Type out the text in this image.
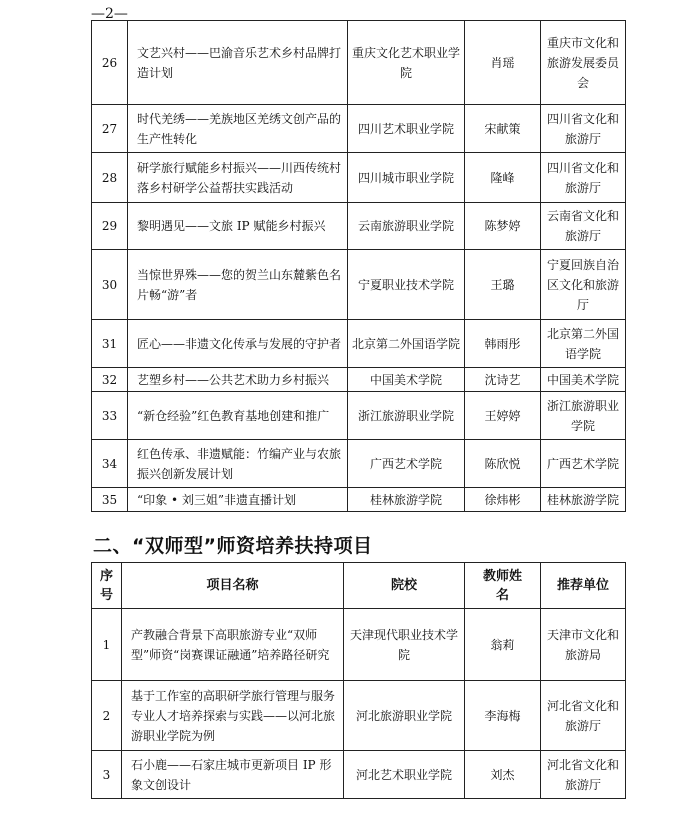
—2—
26	文艺兴村——巴渝音乐艺术乡村品牌打造计划	重庆文化艺术职业学院	肖瑶	重庆市文化和旅游发展委员会
27	时代羌绣——羌族地区羌绣文创产品的生产性转化	四川艺术职业学院	宋献策	四川省文化和旅游厅
28	研学旅行赋能乡村振兴——川西传统村落乡村研学公益帮扶实践活动	四川城市职业学院	隆峰	四川省文化和旅游厅
29	黎明遇见——文旅 IP 赋能乡村振兴	云南旅游职业学院	陈梦婷	云南省文化和旅游厅
30	当惊世界殊——您的贺兰山东麓紫色名片畅“游”者	宁夏职业技术学院	王璐	宁夏回族自治区文化和旅游厅
31	匠心——非遗文化传承与发展的守护者	北京第二外国语学院	韩雨彤	北京第二外国语学院
32	艺塑乡村——公共艺术助力乡村振兴	中国美术学院	沈诗艺	中国美术学院
33	“新仓经验”红色教育基地创建和推广	浙江旅游职业学院	王婷婷	浙江旅游职业学院
34	红色传承、非遗赋能：竹编产业与农旅振兴创新发展计划	广西艺术学院	陈欣悦	广西艺术学院
35	“印象 • 刘三姐”非遗直播计划	桂林旅游学院	徐炜彬	桂林旅游学院
二、“双师型”师资培养扶持项目
序号	项目名称	院校	教师姓名	推荐单位
1	产教融合背景下高职旅游专业“双师型”师资“岗赛课证融通”培养路径研究	天津现代职业技术学院	翁莉	天津市文化和旅游局
2	基于工作室的高职研学旅行管理与服务专业人才培养探索与实践——以河北旅游职业学院为例	河北旅游职业学院	李海梅	河北省文化和旅游厅
3	石小鹿——石家庄城市更新项目 IP 形象文创设计	河北艺术职业学院	刘杰	河北省文化和旅游厅
